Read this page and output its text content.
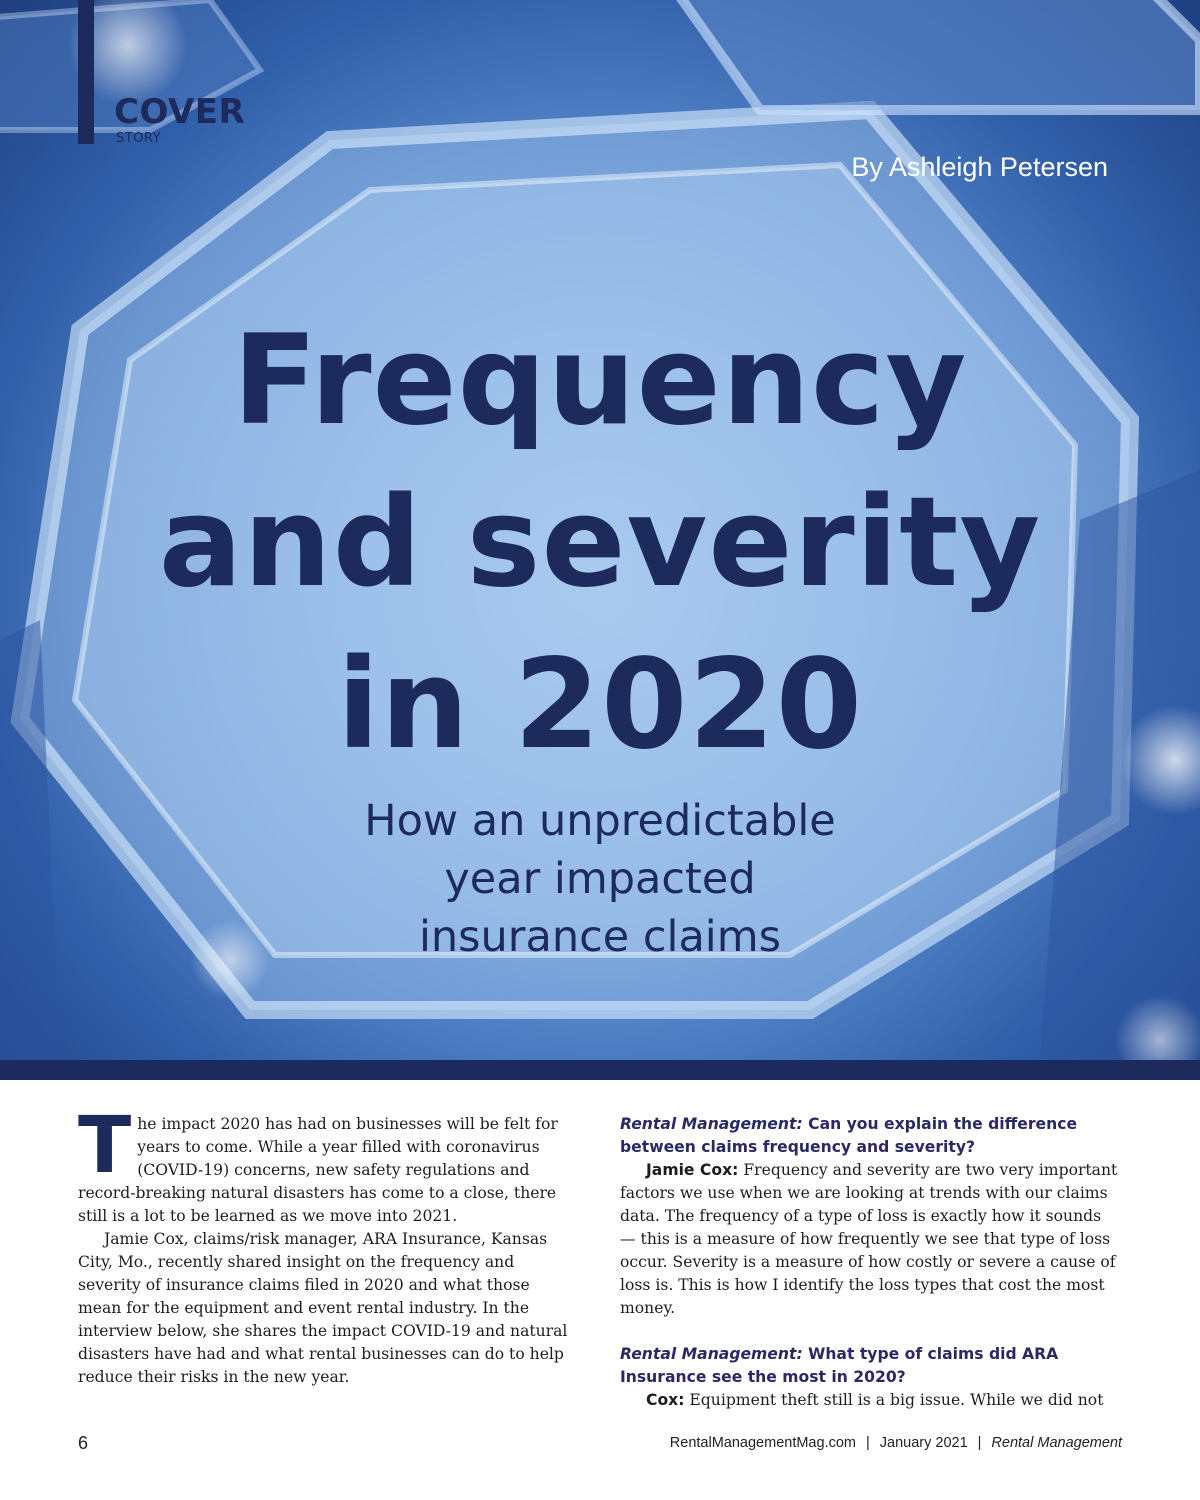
COVER
STORY
By Ashleigh Petersen
Frequency
and severity
in 2020
How an unpredictable
year impacted
insurance claims

The impact 2020 has had on businesses will be felt for years to come. While a year filled with coronavirus (COVID-19) concerns, new safety regulations and record-breaking natural disasters has come to a close, there still is a lot to be learned as we move into 2021.

Jamie Cox, claims/risk manager, ARA Insurance, Kansas City, Mo., recently shared insight on the frequency and severity of insurance claims filed in 2020 and what those mean for the equipment and event rental industry. In the interview below, she shares the impact COVID-19 and natural disasters have had and what rental businesses can do to help reduce their risks in the new year.

Rental Management: Can you explain the difference between claims frequency and severity?

Jamie Cox: Frequency and severity are two very important factors we use when we are looking at trends with our claims data. The frequency of a type of loss is exactly how it sounds — this is a measure of how frequently we see that type of loss occur. Severity is a measure of how costly or severe a cause of loss is. This is how I identify the loss types that cost the most money.

Rental Management: What type of claims did ARA Insurance see the most in 2020?

Cox: Equipment theft still is a big issue. While we did not

6	RentalManagementMag.com | January 2021 | Rental Management
